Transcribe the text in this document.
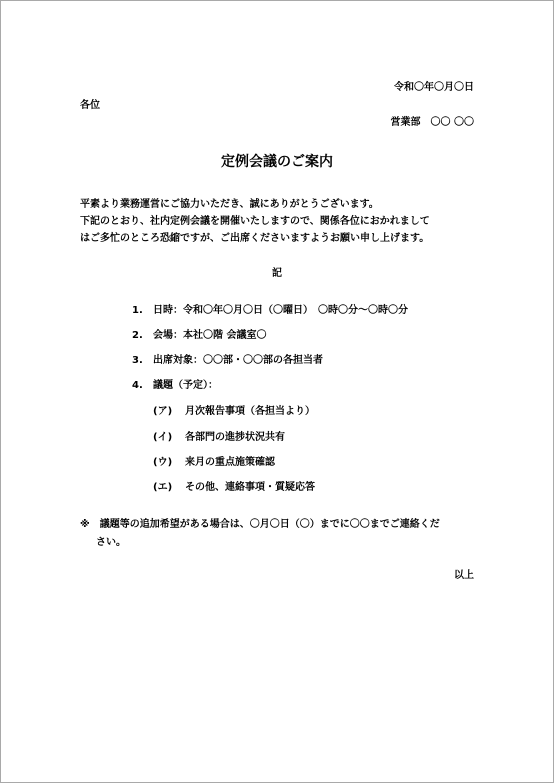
令和〇年〇月〇日
各位
営業部　〇〇 〇〇
定例会議のご案内
平素より業務運営にご協力いただき、誠にありがとうございます。
下記のとおり、社内定例会議を開催いたしますので、関係各位におかれまして
はご多忙のところ恐縮ですが、ご出席くださいますようお願い申し上げます。
記
1. 日時：令和〇年〇月〇日（〇曜日）　〇時〇分～〇時〇分
2. 会場：本社〇階 会議室〇
3. 出席対象：〇〇部・〇〇部の各担当者
4. 議題（予定）：
(ア) 月次報告事項（各担当より）
(イ) 各部門の進捗状況共有
(ウ) 来月の重点施策確認
(エ) その他、連絡事項・質疑応答
※　議題等の追加希望がある場合は、〇月〇日（〇）までに〇〇までご連絡くだ
さい。
以上
